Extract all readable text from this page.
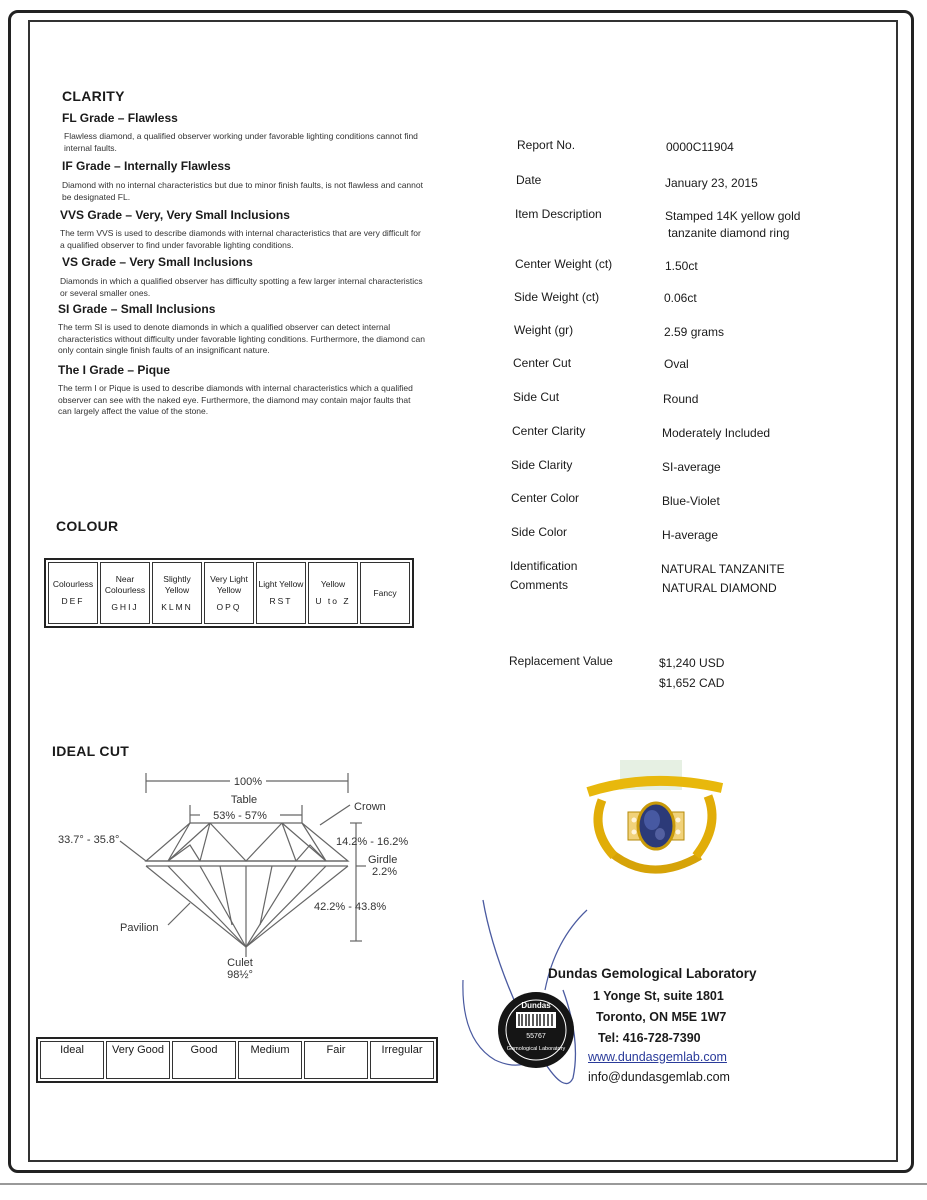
CLARITY
FL Grade – Flawless
Flawless diamond, a qualified observer working under favorable lighting conditions cannot find internal faults.
IF Grade – Internally Flawless
Diamond with no internal characteristics but due to minor finish faults, is not flawless and cannot be designated FL.
VVS Grade – Very, Very Small Inclusions
The term VVS is used to describe diamonds with internal characteristics that are very difficult for a qualified observer to find under favorable lighting conditions.
VS Grade – Very Small Inclusions
Diamonds in which a qualified observer has difficulty spotting a few larger internal characteristics or several smaller ones.
SI Grade – Small Inclusions
The term SI is used to denote diamonds in which a qualified observer can detect internal characteristics without difficulty under favorable lighting conditions. Furthermore, the diamond can only contain single finish faults of an insignificant nature.
The I Grade – Pique
The term I or Pique is used to describe diamonds with internal characteristics which a qualified observer can see with the naked eye. Furthermore, the diamond may contain major faults that can largely affect the value of the stone.
COLOUR
Colourless
DEF
	Near Colourless
GHIJ
	Slightly Yellow
KLMN
	Very Light Yellow
OPQ
	Light Yellow
RST
	Yellow
U to Z
	Fancy
IDEAL CUT
100%
Table
53% - 57%
Crown
33.7° - 35.8°	14.2% - 16.2%
Girdle
2.2%
42.2% - 43.8%
Pavilion
Culet
98½°
Ideal	Very Good	Good	Medium	Fair	Irregular
Report No.	0000C11904
Date	January 23, 2015
Item Description	Stamped 14K yellow gold
tanzanite diamond ring
Center Weight (ct)	1.50ct
Side Weight (ct)	0.06ct
Weight (gr)	2.59 grams
Center Cut	Oval
Side Cut	Round
Center Clarity	Moderately Included
Side Clarity	SI-average
Center Color	Blue-Violet
Side Color	H-average
Identification
Comments
NATURAL TANZANITE
NATURAL DIAMOND
Replacement Value	$1,240 USD
$1,652 CAD
Dundas
55767
Gemological Laboratory
Dundas Gemological Laboratory
1 Yonge St, suite 1801
Toronto, ON M5E 1W7
Tel: 416-728-7390
www.dundasgemlab.com
info@dundasgemlab.com
